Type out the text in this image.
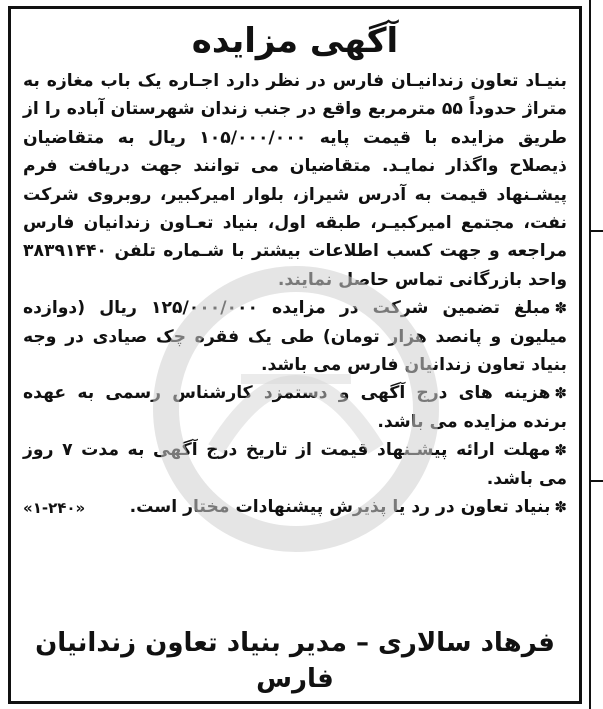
آگهی مزایده

بنیـاد تعاون زندانیـان فارس در نظر دارد اجـاره یک باب مغازه به متراژ حدوداً ۵۵ مترمربع واقع در جنب زندان شهرستان آباده را از طریق مزایده با قیمت پایه ۱۰۵/۰۰۰/۰۰۰ ریال به متقاضیان ذیصلاح واگذار نمایـد. متقاضیان می توانند جهت دریافت فرم پیشـنهاد قیمت به آدرس شیراز، بلوار امیرکبیر، روبروی شرکت نفت، مجتمع امیرکبیـر، طبقه اول، بنیاد تعـاون زندانیان فارس مراجعه و جهت کسب اطلاعات بیشتر با شـماره تلفن ۳۸۳۹۱۴۴۰ واحد بازرگانی تماس حاصل نمایند.

✽مبلغ تضمین شرکت در مزایده ۱۲۵/۰۰۰/۰۰۰ ریال (دوازده میلیون و پانصد هزار تومان) طی یک فقره چک صیادی در وجه بنیاد تعاون زندانیان فارس می باشد.

✽هزینه های درج آگهی و دستمزد کارشناس رسمی به عهده برنده مزایده می باشد.

✽مهلت ارائه پیشـنهاد قیمت از تاریخ درج آگهی به مدت ۷ روز می باشد.

«۱-۲۴۰»	✽بنیاد تعاون در رد یا پذیرش پیشنهادات مختار است.

فرهاد سالاری – مدیر بنیاد تعاون زندانیان فارس
